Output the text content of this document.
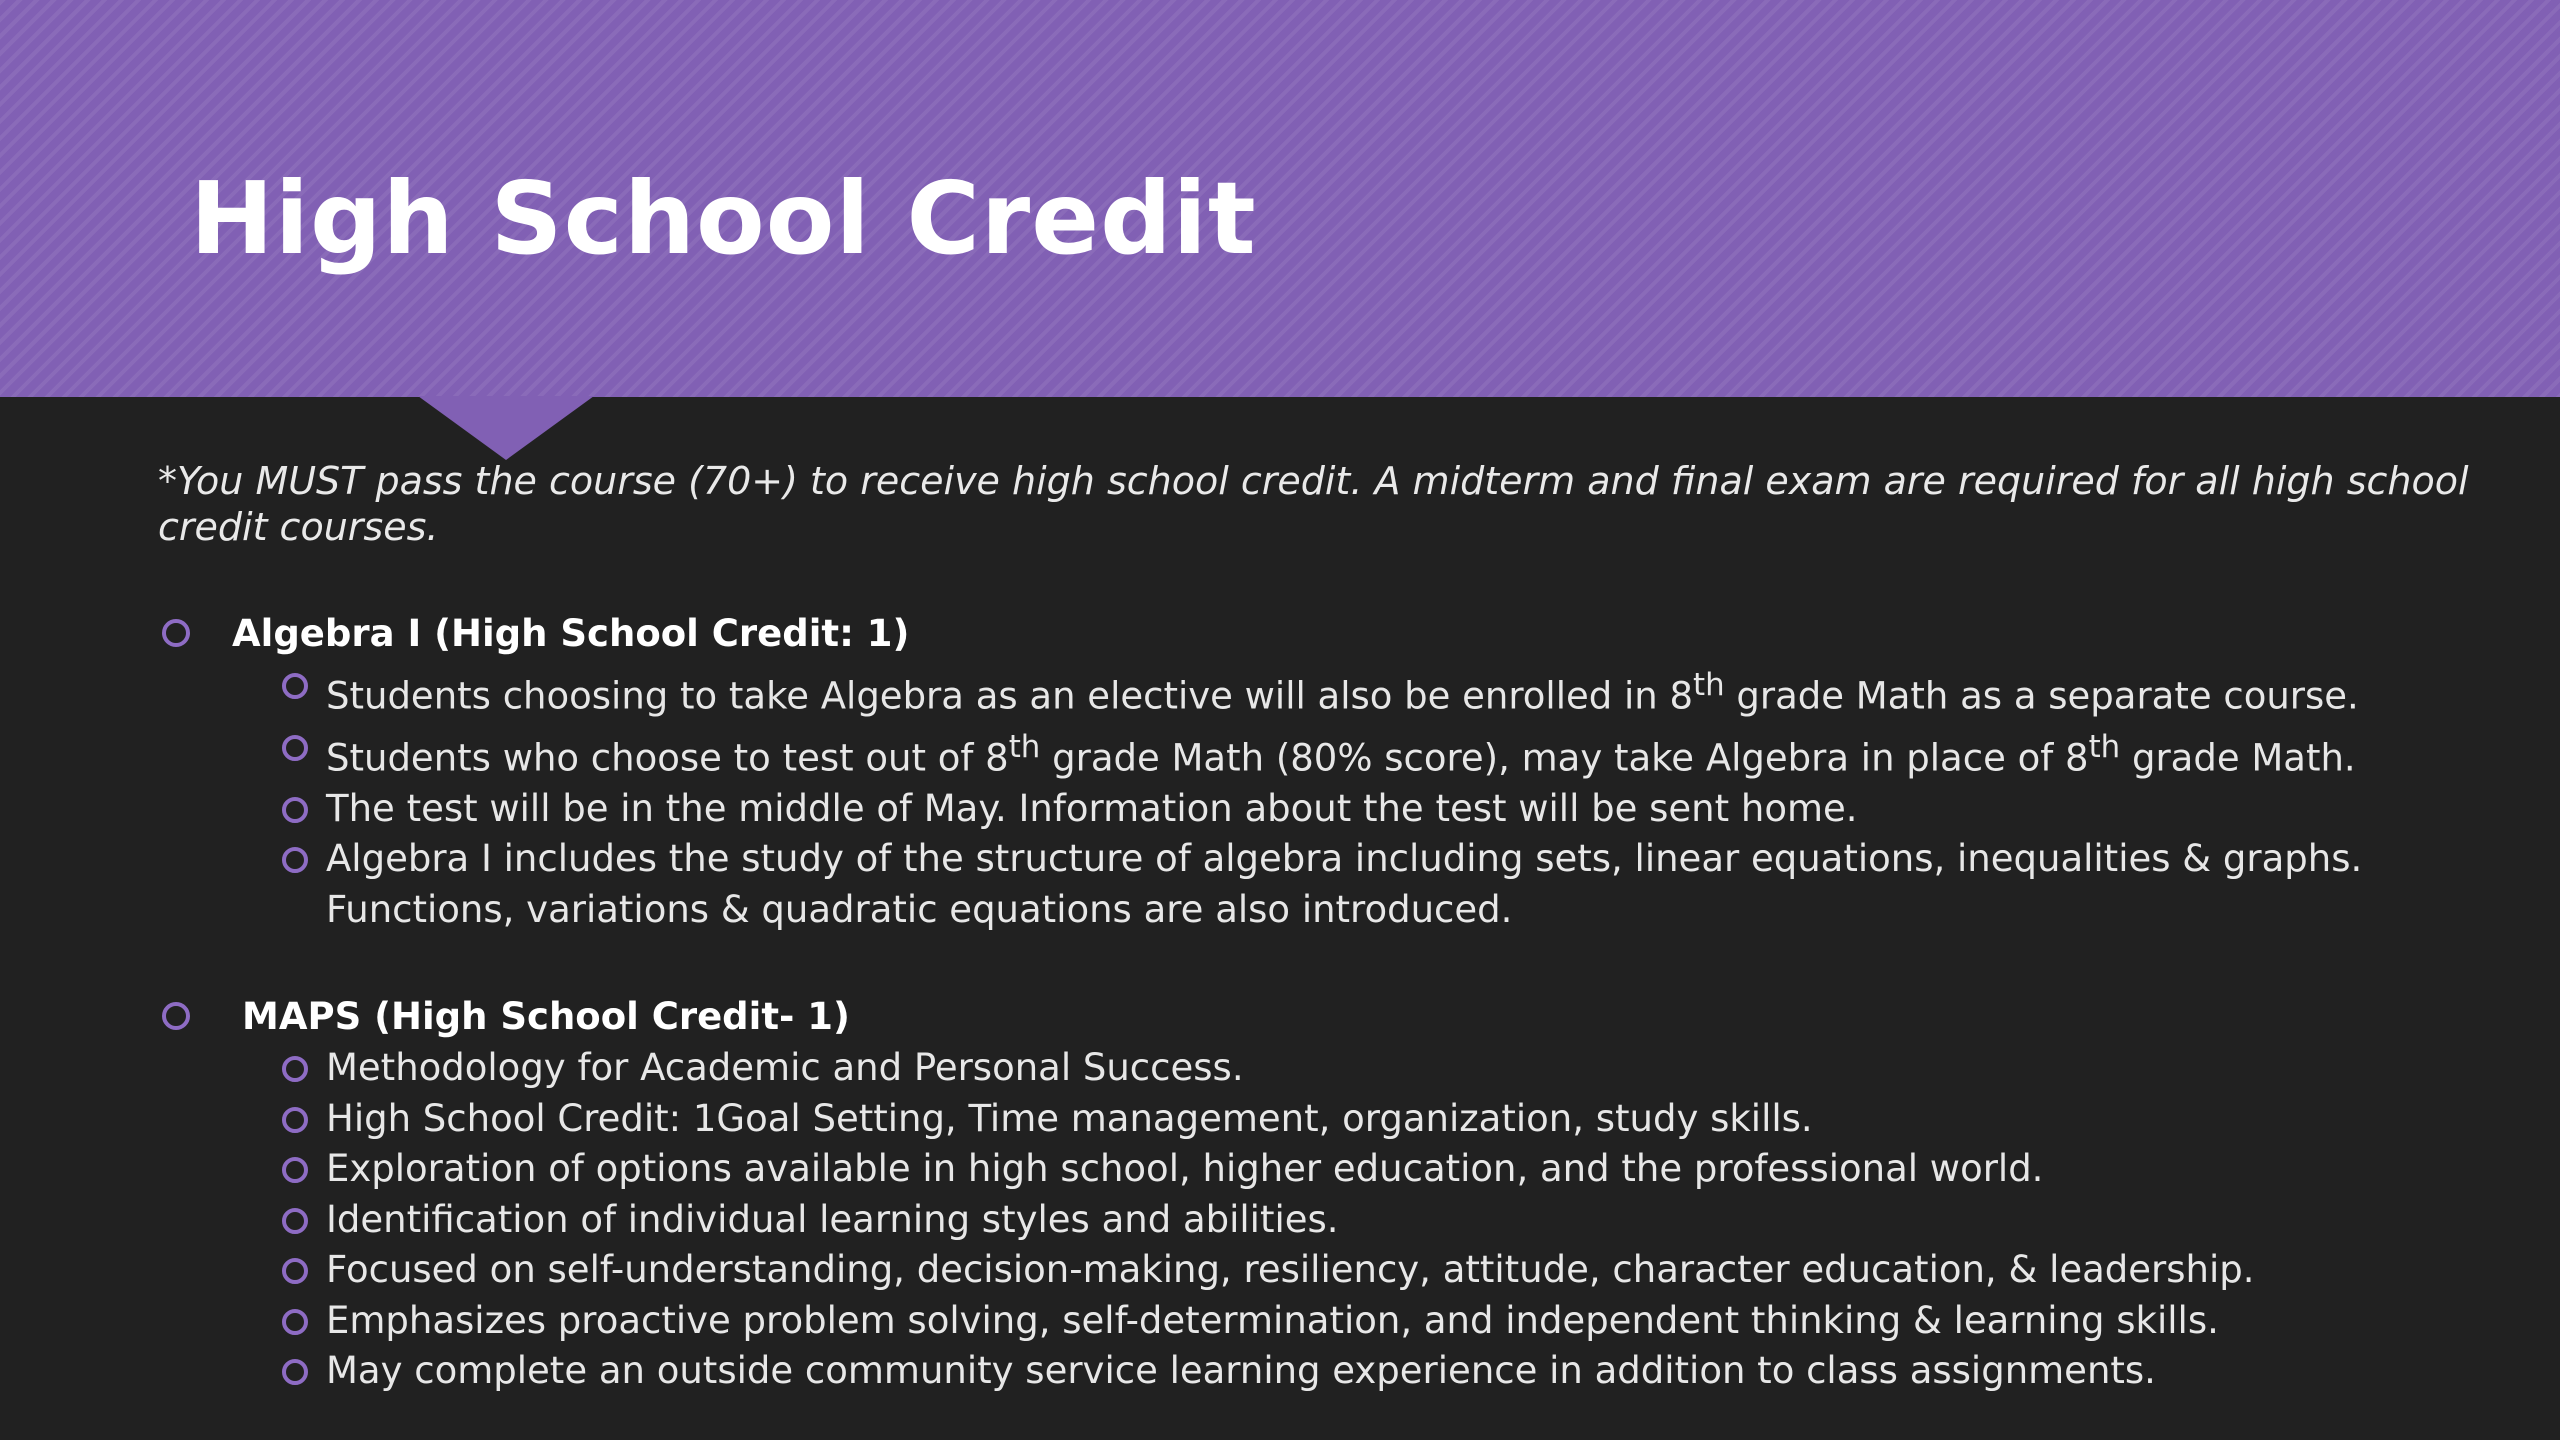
High School Credit

*You MUST pass the course (70+) to receive high school credit. A midterm and final exam are required for all high school credit courses.

Algebra I (High School Credit: 1)
Students choosing to take Algebra as an elective will also be enrolled in 8th grade Math as a separate course.
Students who choose to test out of 8th grade Math (80% score), may take Algebra in place of 8th grade Math.
The test will be in the middle of May. Information about the test will be sent home.
Algebra I includes the study of the structure of algebra including sets, linear equations, inequalities & graphs.
Functions, variations & quadratic equations are also introduced.
MAPS (High School Credit- 1)
Methodology for Academic and Personal Success.
High School Credit: 1Goal Setting, Time management, organization, study skills.
Exploration of options available in high school, higher education, and the professional world.
Identification of individual learning styles and abilities.
Focused on self-understanding, decision-making, resiliency, attitude, character education, & leadership.
Emphasizes proactive problem solving, self-determination, and independent thinking & learning skills.
May complete an outside community service learning experience in addition to class assignments.
